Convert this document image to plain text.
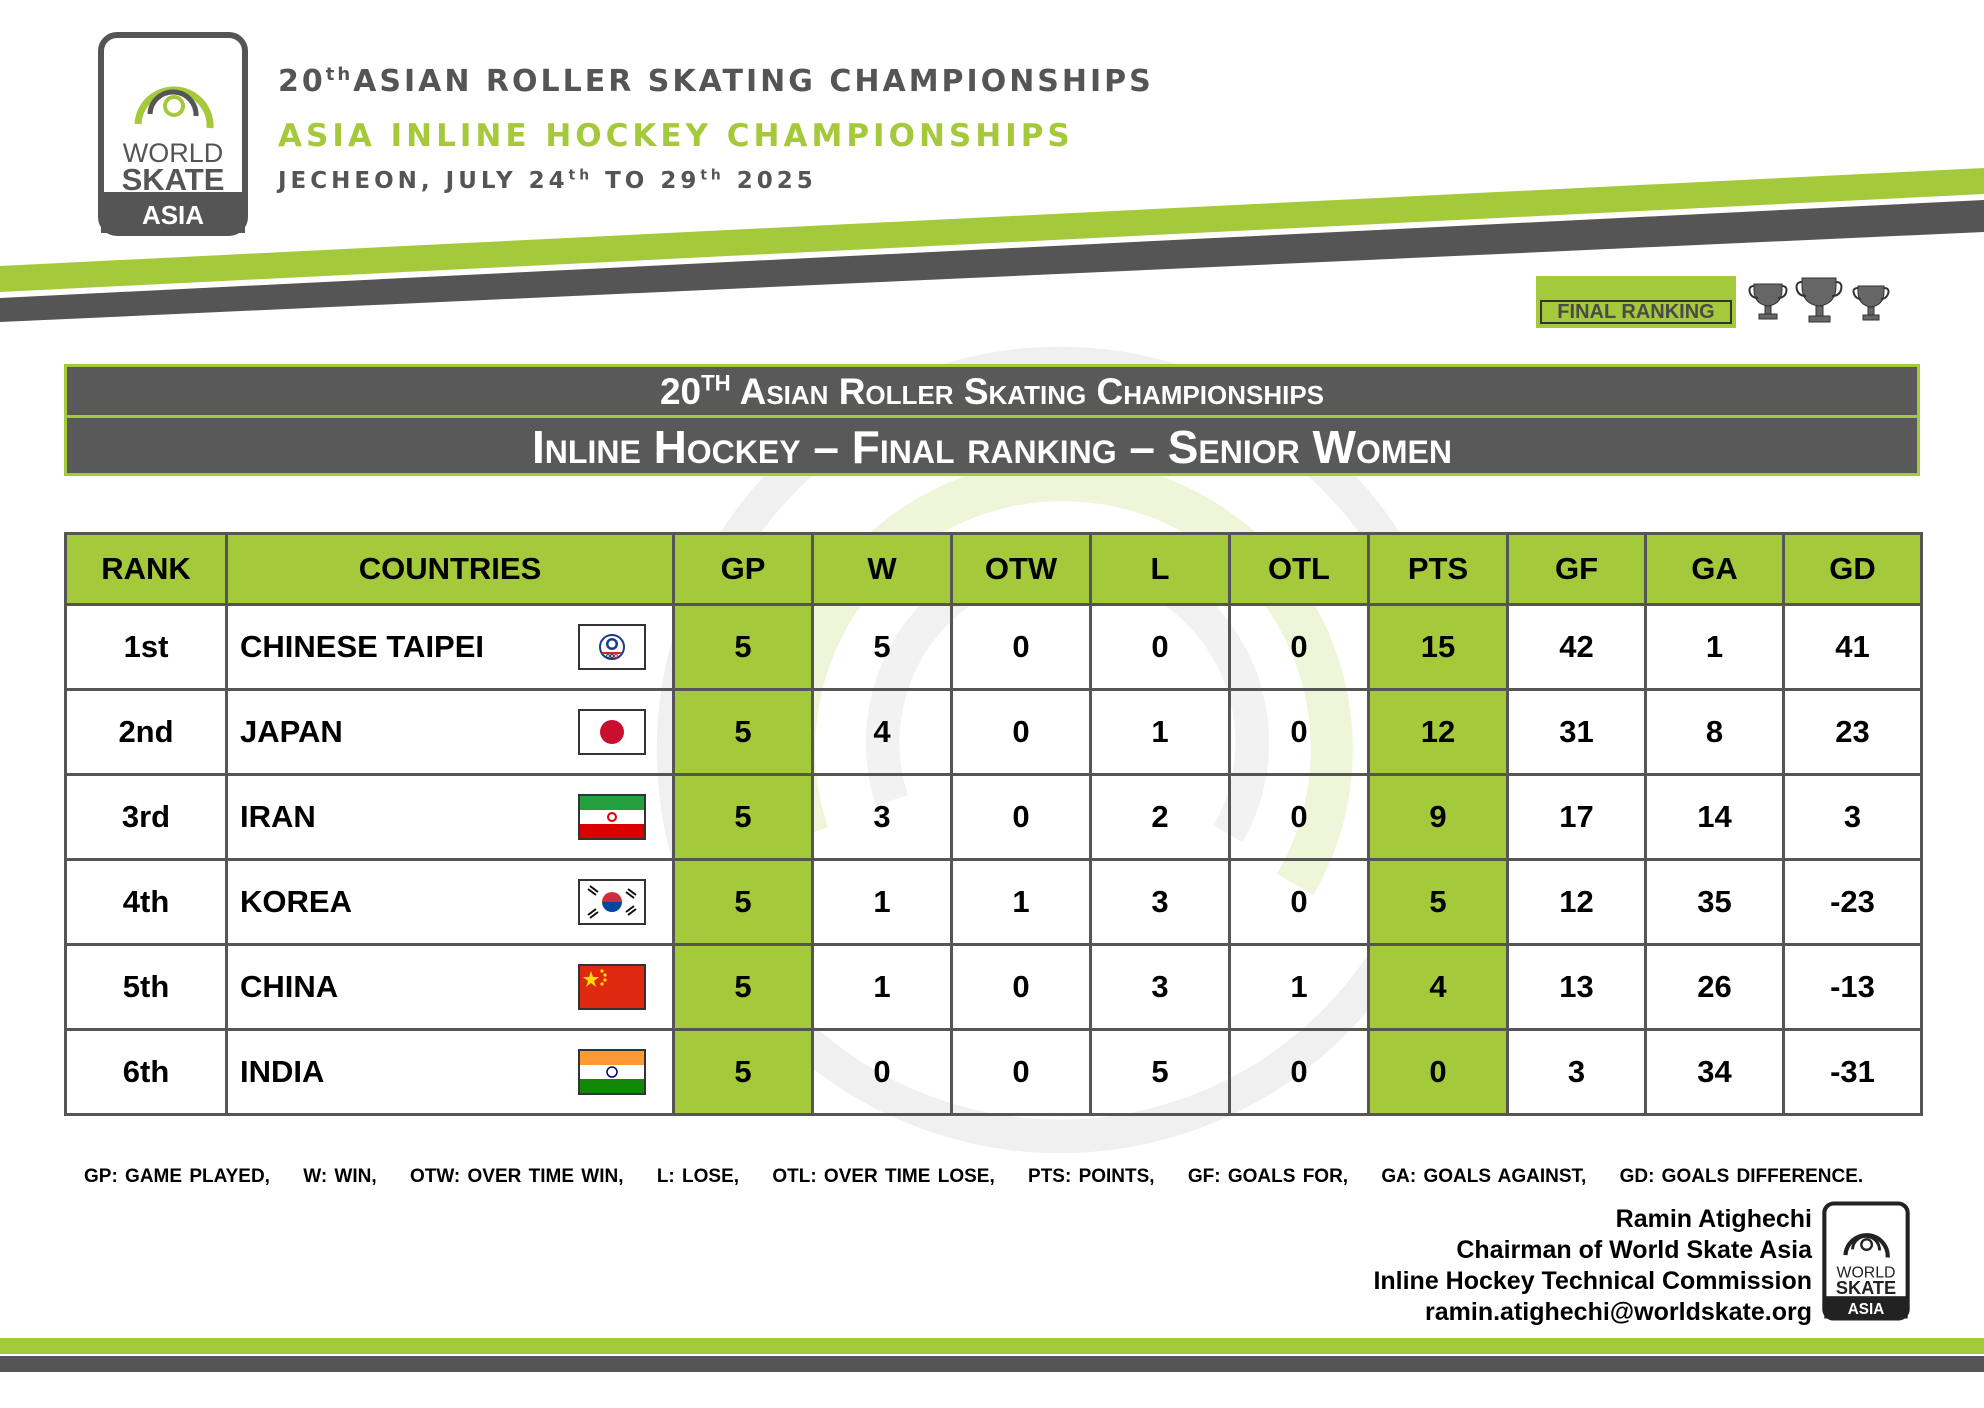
WORLD
SKATE
ASIA
20thASIAN ROLLER SKATING CHAMPIONSHIPS
ASIA INLINE HOCKEY CHAMPIONSHIPS
JECHEON, JULY 24th TO 29th 2025
FINAL RANKING
20TH Asian Roller Skating Championships
Inline Hockey – Final ranking – Senior Women
RANK	COUNTRIES	GP	W	OTW	L	OTL	PTS	GF	GA	GD
1st	CHINESE TAIPEI	5	5	0	0	0	15	42	1	41
2nd	JAPAN	5	4	0	1	0	12	31	8	23
3rd	IRAN	5	3	0	2	0	9	17	14	3
4th	KOREA	5	1	1	3	0	5	12	35	-23
5th	CHINA	5	1	0	3	1	4	13	26	-13
6th	INDIA	5	0	0	5	0	0	3	34	-31
GP: GAME PLAYED, W: WIN, OTW: OVER TIME WIN, L: LOSE, OTL: OVER TIME LOSE, PTS: POINTS, GF: GOALS FOR, GA: GOALS AGAINST, GD: GOALS DIFFERENCE.
Ramin Atighechi
Chairman of World Skate Asia
Inline Hockey Technical Commission
ramin.atighechi@worldskate.org
WORLD
SKATE
ASIA
